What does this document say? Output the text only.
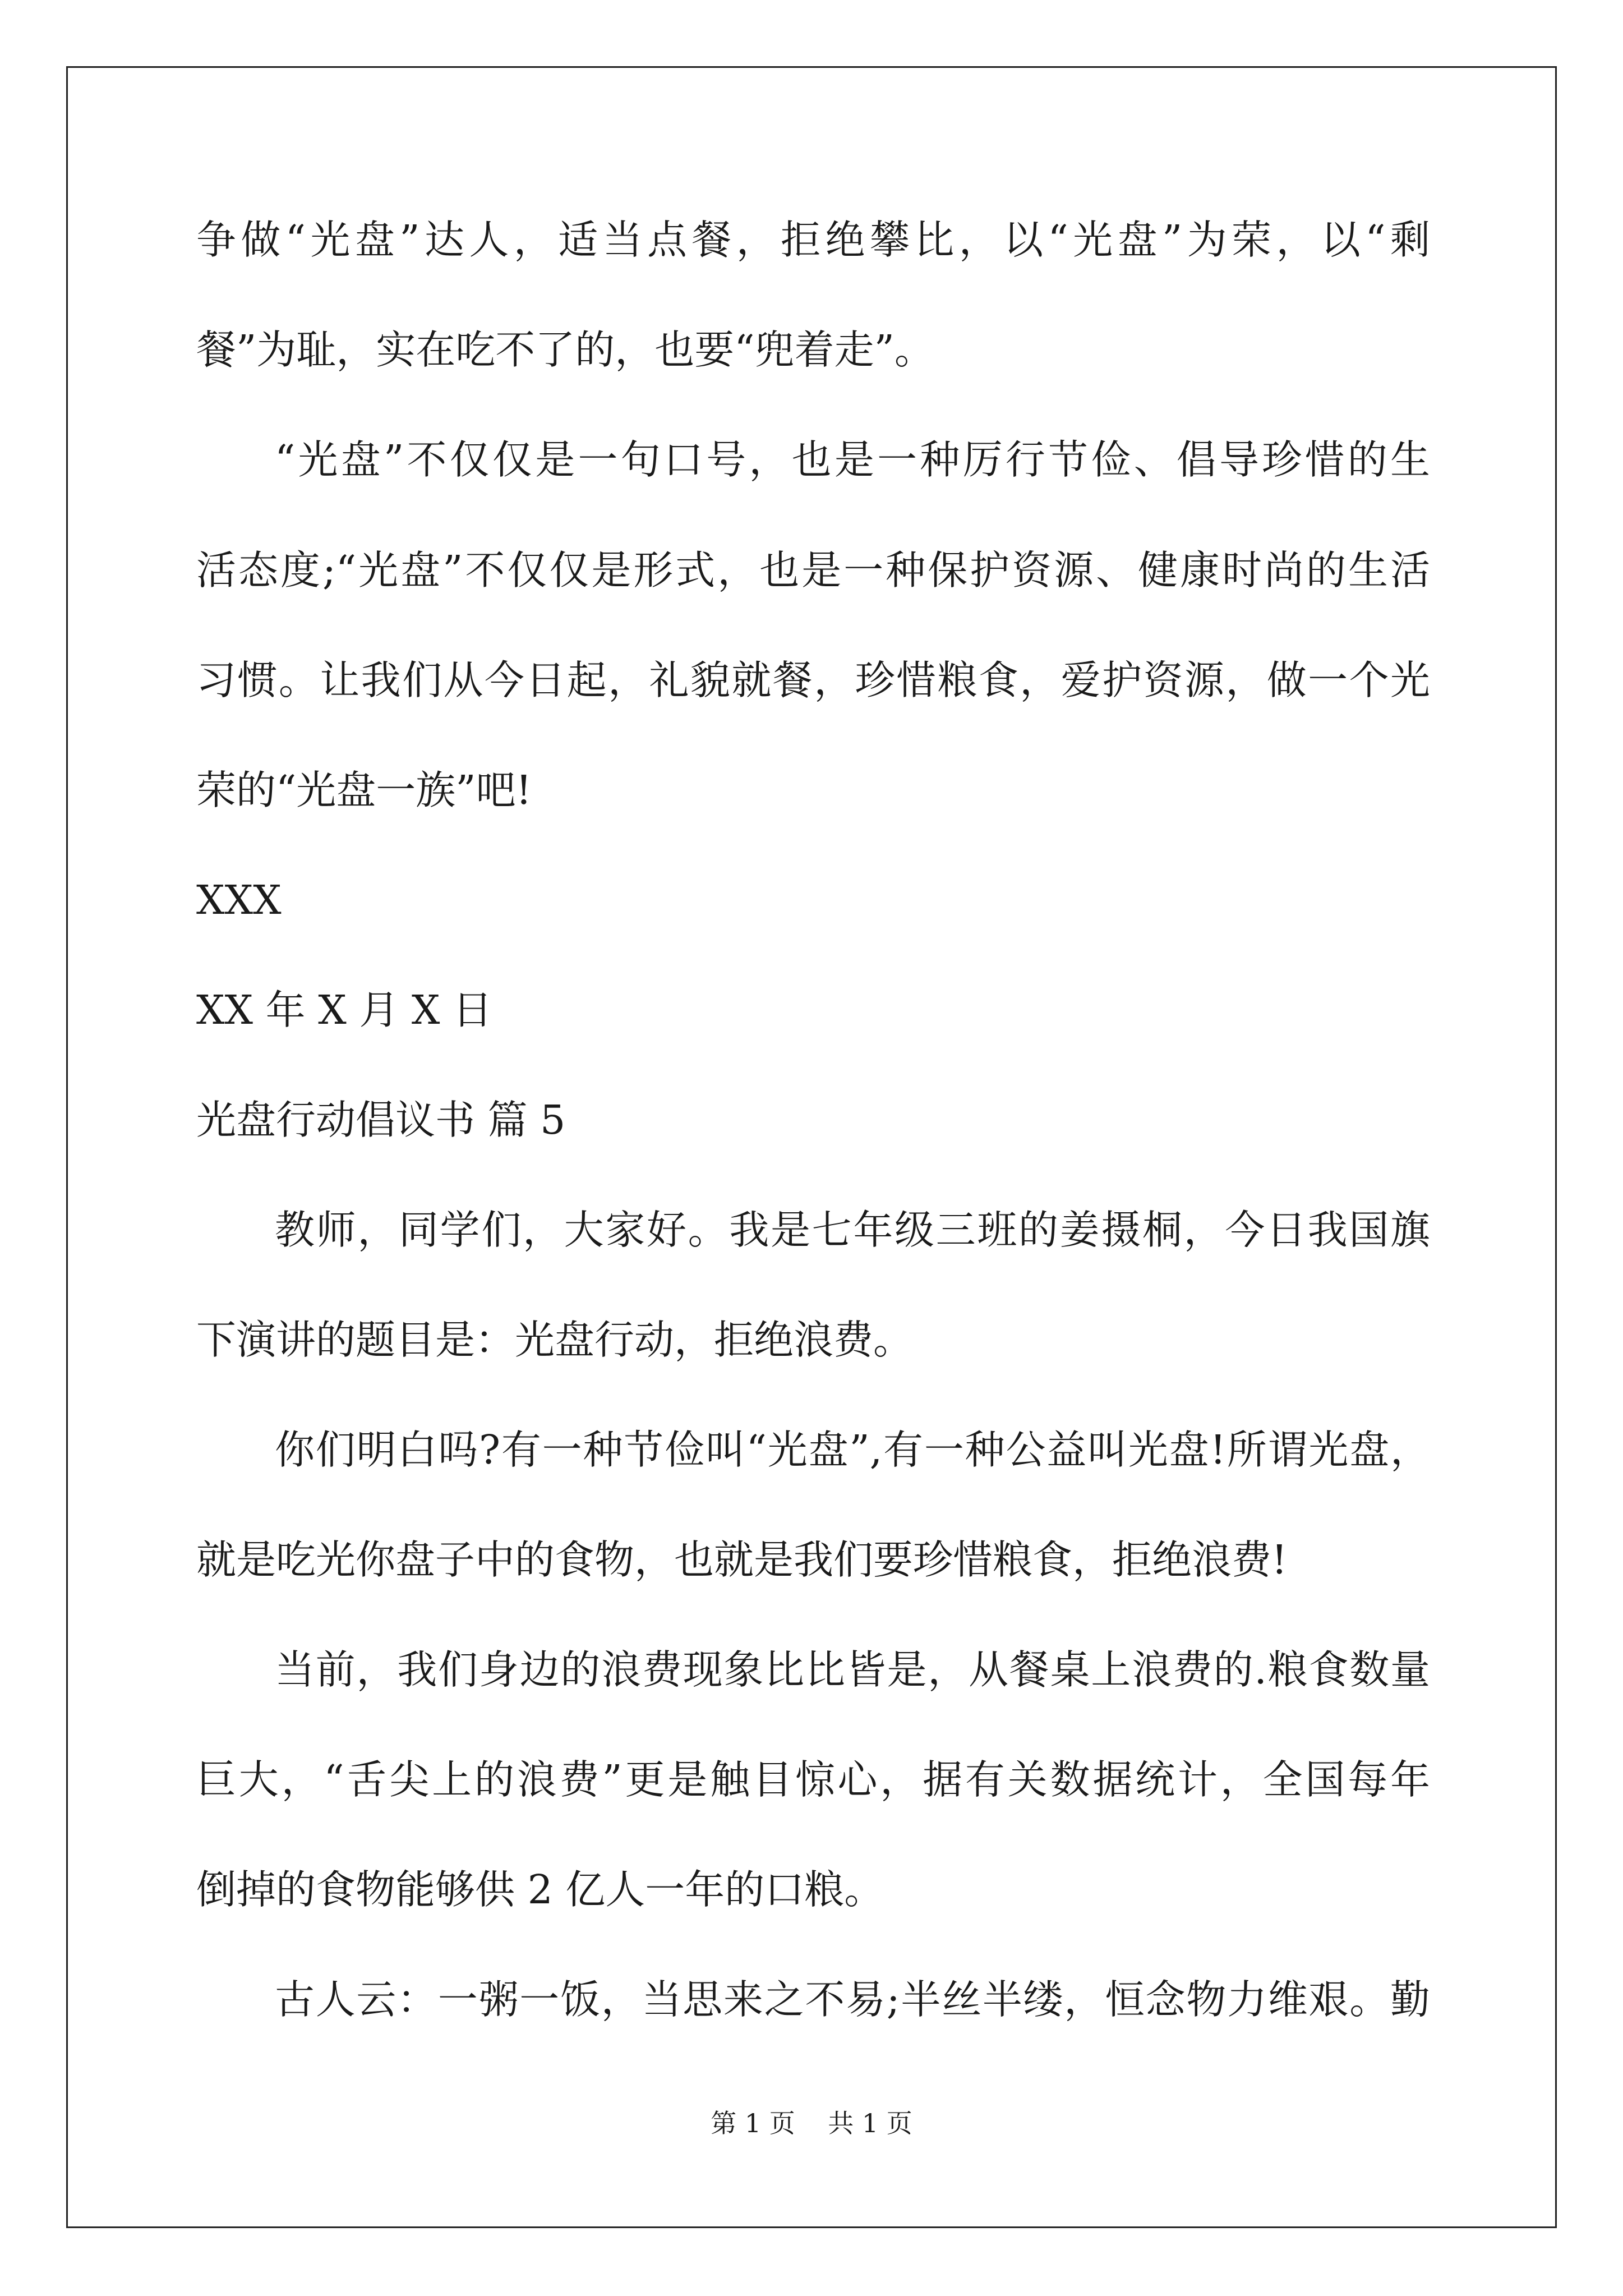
争做“光盘”达人，适当点餐，拒绝攀比，以“光盘”为荣，以“剩
餐”为耻，实在吃不了的，也要“兜着走”。
“光盘”不仅仅是一句口号，也是一种厉行节俭、倡导珍惜的生
活态度;“光盘”不仅仅是形式，也是一种保护资源、健康时尚的生活
习惯。让我们从今日起，礼貌就餐，珍惜粮食，爱护资源，做一个光
荣的“光盘一族”吧!
XXX
XX 年 X 月 X 日
光盘行动倡议书 篇 5
教师，同学们，大家好。我是七年级三班的姜摄桐，今日我国旗
下演讲的题目是：光盘行动，拒绝浪费。
你们明白吗?有一种节俭叫“光盘”,有一种公益叫光盘!所谓光盘，
就是吃光你盘子中的食物，也就是我们要珍惜粮食，拒绝浪费!
当前，我们身边的浪费现象比比皆是，从餐桌上浪费的.粮食数量
巨大，“舌尖上的浪费”更是触目惊心，据有关数据统计，全国每年
倒掉的食物能够供 2 亿人一年的口粮。
古人云：一粥一饭，当思来之不易;半丝半缕，恒念物力维艰。勤
第 1 页    共 1 页
